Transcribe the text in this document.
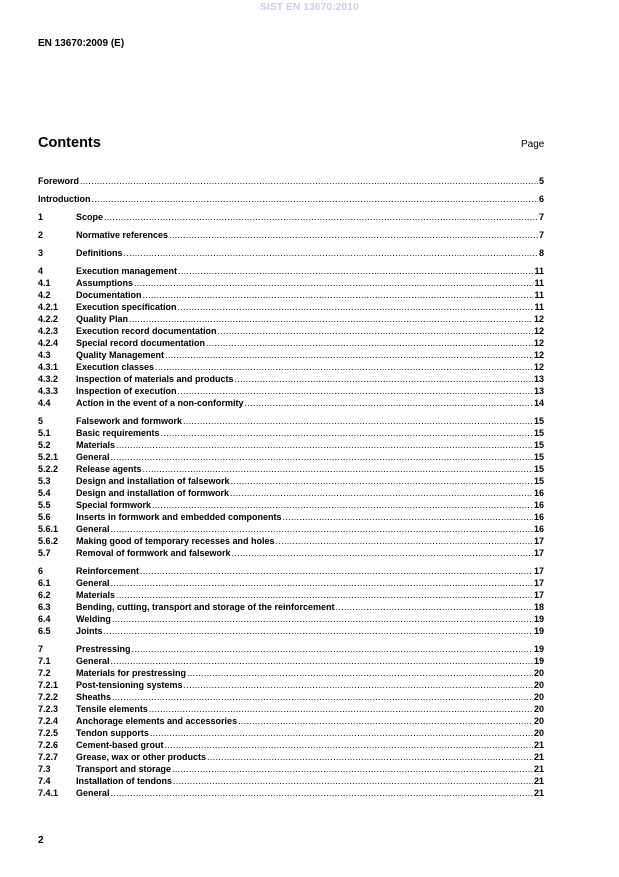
SIST EN 13670:2010
EN 13670:2009 (E)
Contents	Page
Foreword .....	5
Introduction .....	6
1	Scope .....	7
2	Normative references .....	7
3	Definitions .....	8
4	Execution management .....	11
4.1	Assumptions .....	11
4.2	Documentation .....	11
4.2.1	Execution specification .....	11
4.2.2	Quality Plan .....	12
4.2.3	Execution record documentation .....	12
4.2.4	Special record documentation .....	12
4.3	Quality Management .....	12
4.3.1	Execution classes .....	12
4.3.2	Inspection of materials and products .....	13
4.3.3	Inspection of execution .....	13
4.4	Action in the event of a non-conformity .....	14
5	Falsework and formwork .....	15
5.1	Basic requirements .....	15
5.2	Materials .....	15
5.2.1	General .....	15
5.2.2	Release agents .....	15
5.3	Design and installation of falsework .....	15
5.4	Design and installation of formwork .....	16
5.5	Special formwork .....	16
5.6	Inserts in formwork and embedded components .....	16
5.6.1	General .....	16
5.6.2	Making good of temporary recesses and holes .....	17
5.7	Removal of formwork and falsework .....	17
6	Reinforcement .....	17
6.1	General .....	17
6.2	Materials .....	17
6.3	Bending, cutting, transport and storage of the reinforcement .....	18
6.4	Welding .....	19
6.5	Joints .....	19
7	Prestressing .....	19
7.1	General .....	19
7.2	Materials for prestressing .....	20
7.2.1	Post-tensioning systems .....	20
7.2.2	Sheaths .....	20
7.2.3	Tensile elements .....	20
7.2.4	Anchorage elements and accessories .....	20
7.2.5	Tendon supports .....	20
7.2.6	Cement-based grout .....	21
7.2.7	Grease, wax or other products .....	21
7.3	Transport and storage .....	21
7.4	Installation of tendons .....	21
7.4.1	General .....	21
2
